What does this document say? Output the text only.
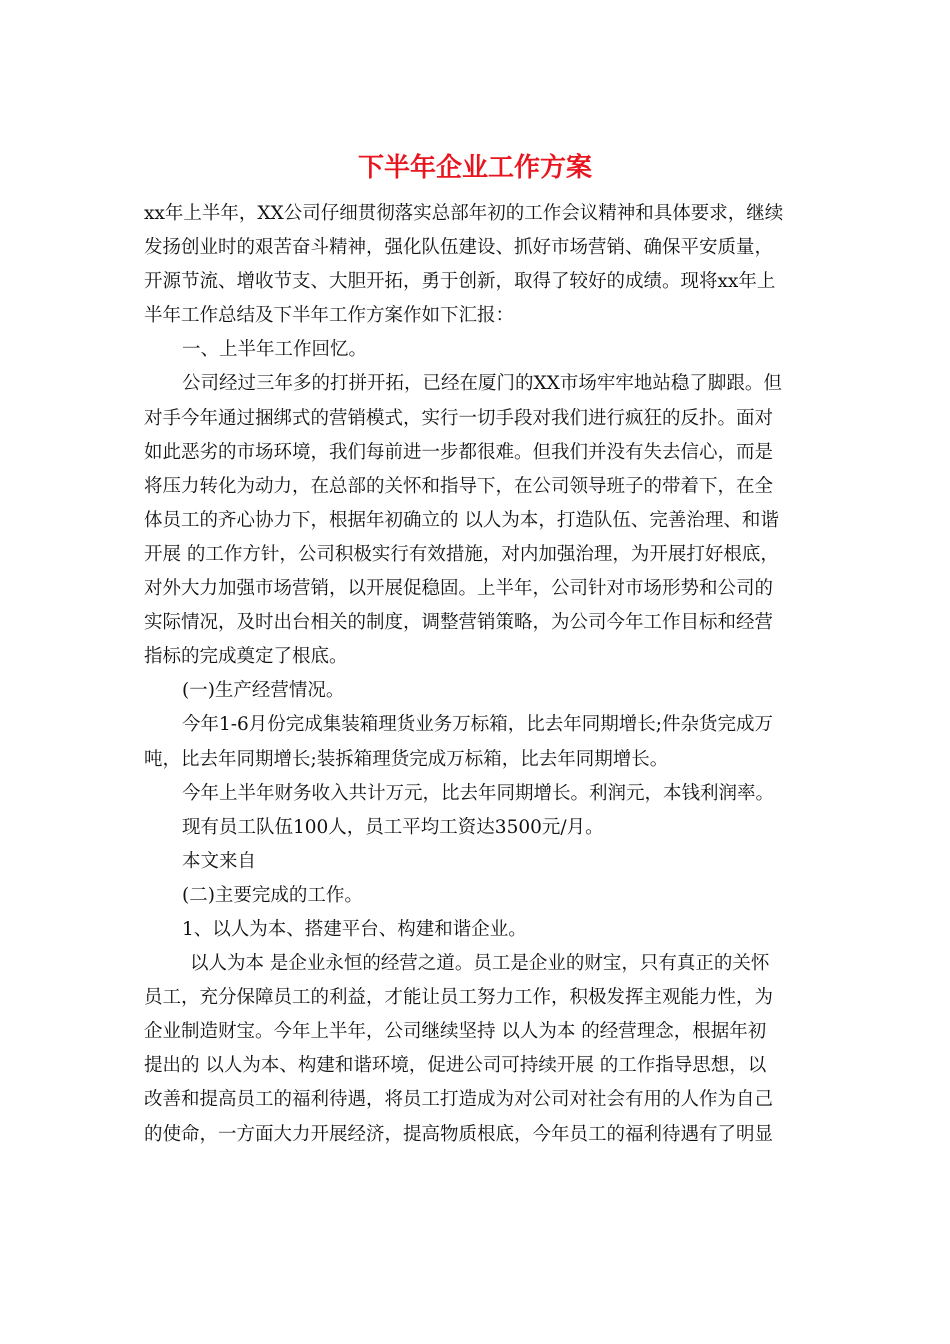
下半年企业工作方案
xx年上半年，XX公司仔细贯彻落实总部年初的工作会议精神和具体要求，继续
发扬创业时的艰苦奋斗精神，强化队伍建设、抓好市场营销、确保平安质量，
开源节流、增收节支、大胆开拓，勇于创新，取得了较好的成绩。现将xx年上
半年工作总结及下半年工作方案作如下汇报：
一、上半年工作回忆。
公司经过三年多的打拼开拓，已经在厦门的XX市场牢牢地站稳了脚跟。但
对手今年通过捆绑式的营销模式，实行一切手段对我们进行疯狂的反扑。面对
如此恶劣的市场环境，我们每前进一步都很难。但我们并没有失去信心，而是
将压力转化为动力，在总部的关怀和指导下，在公司领导班子的带着下，在全
体员工的齐心协力下，根据年初确立的 以人为本，打造队伍、完善治理、和谐
开展 的工作方针，公司积极实行有效措施，对内加强治理，为开展打好根底，
对外大力加强市场营销，以开展促稳固。上半年，公司针对市场形势和公司的
实际情况，及时出台相关的制度，调整营销策略，为公司今年工作目标和经营
指标的完成奠定了根底。
(一)生产经营情况。
今年1-6月份完成集装箱理货业务万标箱，比去年同期增长;件杂货完成万
吨，比去年同期增长;装拆箱理货完成万标箱，比去年同期增长。
今年上半年财务收入共计万元，比去年同期增长。利润元，本钱利润率。
现有员工队伍100人，员工平均工资达3500元/月。
本文来自
(二)主要完成的工作。
1、以人为本、搭建平台、构建和谐企业。
以人为本 是企业永恒的经营之道。员工是企业的财宝，只有真正的关怀
员工，充分保障员工的利益，才能让员工努力工作，积极发挥主观能力性，为
企业制造财宝。今年上半年，公司继续坚持 以人为本 的经营理念，根据年初
提出的 以人为本、构建和谐环境，促进公司可持续开展 的工作指导思想，以
改善和提高员工的福利待遇，将员工打造成为对公司对社会有用的人作为自己
的使命，一方面大力开展经济，提高物质根底，今年员工的福利待遇有了明显
